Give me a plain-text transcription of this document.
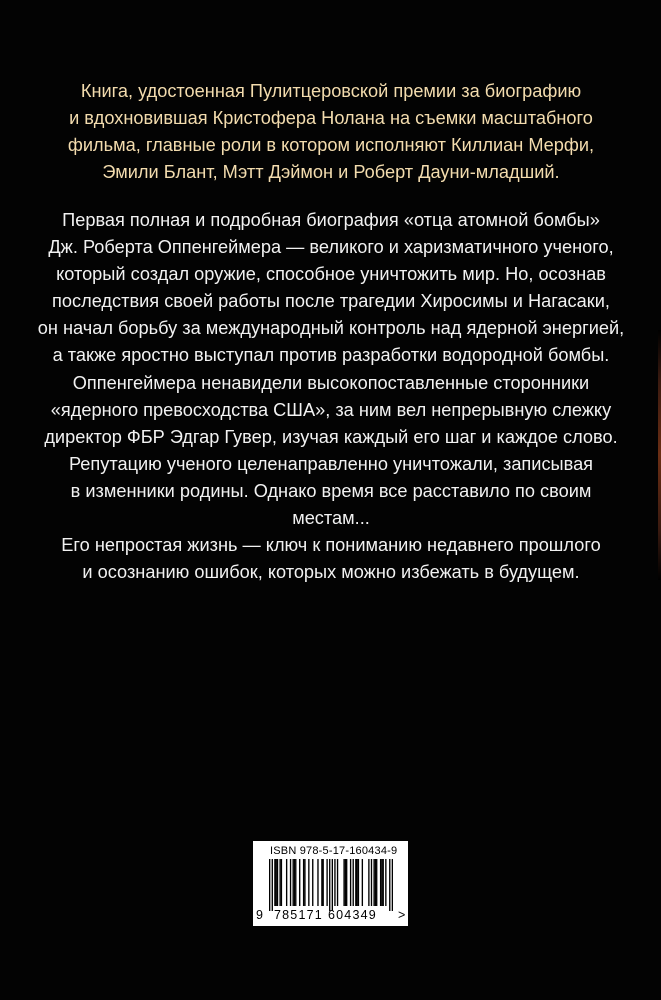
Книга, удостоенная Пулитцеровской премии за биографию
и вдохновившая Кристофера Нолана на съемки масштабного
фильма, главные роли в котором исполняют Киллиан Мерфи,
Эмили Блант, Мэтт Дэймон и Роберт Дауни-младший.

Первая полная и подробная биография «отца атомной бомбы»
Дж. Роберта Оппенгеймера — великого и харизматичного ученого,
который создал оружие, способное уничтожить мир. Но, осознав
последствия своей работы после трагедии Хиросимы и Нагасаки,
он начал борьбу за международный контроль над ядерной энергией,
а также яростно выступал против разработки водородной бомбы.
Оппенгеймера ненавидели высокопоставленные сторонники
«ядерного превосходства США», за ним вел непрерывную слежку
директор ФБР Эдгар Гувер, изучая каждый его шаг и каждое слово.
Репутацию ученого целенаправленно уничтожали, записывая
в изменники родины. Однако время все расставило по своим местам...
Его непростая жизнь — ключ к пониманию недавнего прошлого
и осознанию ошибок, которых можно избежать в будущем.

ISBN 978-5-17-160434-9
9 785171 604349 >
